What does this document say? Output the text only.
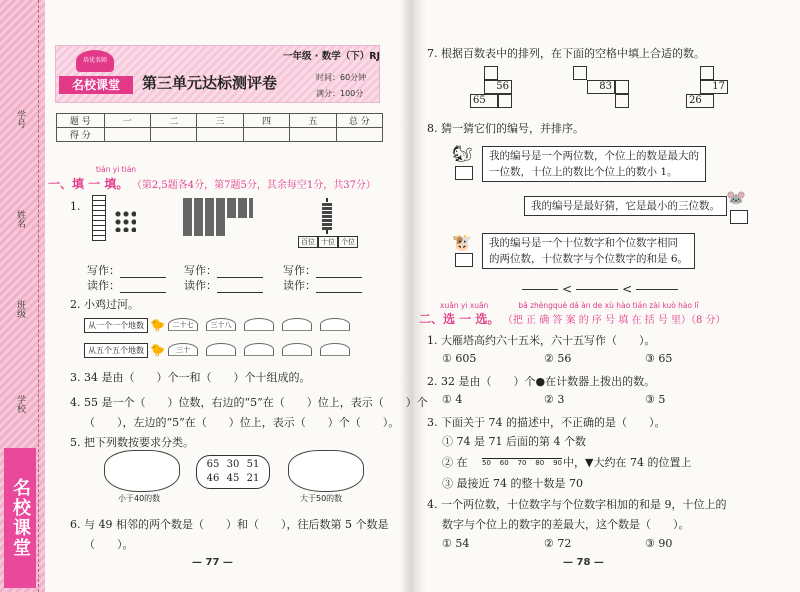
学号
姓名
班级
学校
名校课堂
培优名师
名校课堂
一年级 · 数学（下）RJ
第三单元达标测评卷	时间：60分钟
满分：100分
题 号	一	二	三	四	五	总 分
得 分						
tián yi tián
一、填 一 填。 （第2,5题各4分，第7题5分，其余每空1分，共37分）
1.
百位 十位 个位
写作：
读作：
写作：
读作：
写作：
读作：
2. 小鸡过河。
从一个一个地数
从五个五个地数
🐤
🐤
二十七	三十八
三十
3. 34 是由（　　）个一和（　　）个十组成的。
4. 55 是一个（　　）位数，右边的“5”在（　　）位上，表示（　　）个
（　　），左边的“5”在（　　）位上，表示（　　）个（　　）。
5. 把下列数按要求分类。
小于40的数
65 30 51
46 45 21
大于50的数
6. 与 49 相邻的两个数是（　　）和（　　），往后数第 5 个数是
（　　）。
— 77 —
7. 根据百数表中的排列，在下面的空格中填上合适的数。
56
65
83	17
26
8. 猜一猜它们的编号，并排序。
🐿 我的编号是一个两位数，个位上的数是最大的
一位数，十位上的数比个位上的数小 1。
我的编号是最好猜，它是最小的三位数。 🐭
🐮 我的编号是一个十位数字和个位数字相同
的两位数，十位数字与个位数字的和是 6。
<	<
xuǎn yi xuǎn　　　　bǎ zhèngquè dá àn de xù hào tián zài kuò hào lǐ
二、选 一 选。 （把 正 确 答 案 的 序 号 填 在 括 号 里）（8 分）
1. 大雁塔高约六十五米，六十五写作（　　）。
① 605	② 56	③ 65
2. 32 是由（　　）个●在计数器上拨出的数。
① 4	② 3	③ 5
3. 下面关于 74 的描述中，不正确的是（　　）。
① 74 是 71 后面的第 4 个数
② 在 50 60 70 80 90 中，▼大约在 74 的位置上
③ 最接近 74 的整十数是 70
4. 一个两位数，十位数字与个位数字相加的和是 9，十位上的
数字与个位上的数字的差最大，这个数是（　　）。
① 54	② 72	③ 90
— 78 —
